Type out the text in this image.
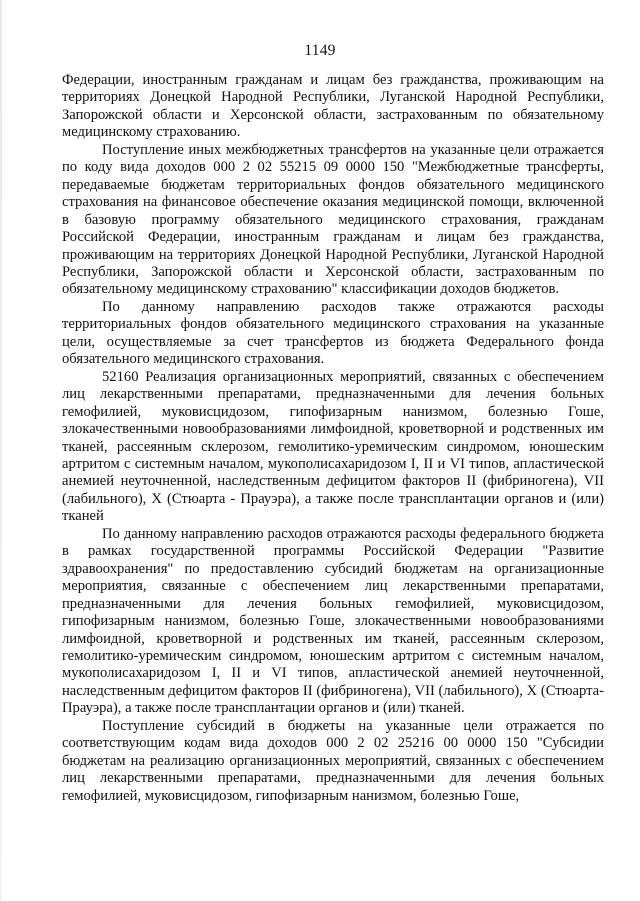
1149

Федерации, иностранным гражданам и лицам без гражданства, проживающим на территориях Донецкой Народной Республики, Луганской Народной Республики, Запорожской области и Херсонской области, застрахованным по обязательному медицинскому страхованию.

Поступление иных межбюджетных трансфертов на указанные цели отражается по коду вида доходов 000 2 02 55215 09 0000 150 "Межбюджетные трансферты, передаваемые бюджетам территориальных фондов обязательного медицинского страхования на финансовое обеспечение оказания медицинской помощи, включенной в базовую программу обязательного медицинского страхования, гражданам Российской Федерации, иностранным гражданам и лицам без гражданства, проживающим на территориях Донецкой Народной Республики, Луганской Народной Республики, Запорожской области и Херсонской области, застрахованным по обязательному медицинскому страхованию" классификации доходов бюджетов.

По данному направлению расходов также отражаются расходы территориальных фондов обязательного медицинского страхования на указанные цели, осуществляемые за счет трансфертов из бюджета Федерального фонда обязательного медицинского страхования.

52160 Реализация организационных мероприятий, связанных с обеспечением лиц лекарственными препаратами, предназначенными для лечения больных гемофилией, муковисцидозом, гипофизарным нанизмом, болезнью Гоше, злокачественными новообразованиями лимфоидной, кроветворной и родственных им тканей, рассеянным склерозом, гемолитико-уремическим синдромом, юношеским артритом с системным началом, мукополисахаридозом I, II и VI типов, апластической анемией неуточненной, наследственным дефицитом факторов II (фибриногена), VII (лабильного), X (Стюарта - Прауэра), а также после трансплантации органов и (или) тканей

По данному направлению расходов отражаются расходы федерального бюджета в рамках государственной программы Российской Федерации "Развитие здравоохранения" по предоставлению субсидий бюджетам на организационные мероприятия, связанные с обеспечением лиц лекарственными препаратами, предназначенными для лечения больных гемофилией, муковисцидозом, гипофизарным нанизмом, болезнью Гоше, злокачественными новообразованиями лимфоидной, кроветворной и родственных им тканей, рассеянным склерозом, гемолитико-уремическим синдромом, юношеским артритом с системным началом, мукополисахаридозом I, II и VI типов, апластической анемией неуточненной, наследственным дефицитом факторов II (фибриногена), VII (лабильного), X (Стюарта-Прауэра), а также после трансплантации органов и (или) тканей.

Поступление субсидий в бюджеты на указанные цели отражается по соответствующим кодам вида доходов 000 2 02 25216 00 0000 150 "Субсидии бюджетам на реализацию организационных мероприятий, связанных с обеспечением лиц лекарственными препаратами, предназначенными для лечения больных гемофилией, муковисцидозом, гипофизарным нанизмом, болезнью Гоше,
